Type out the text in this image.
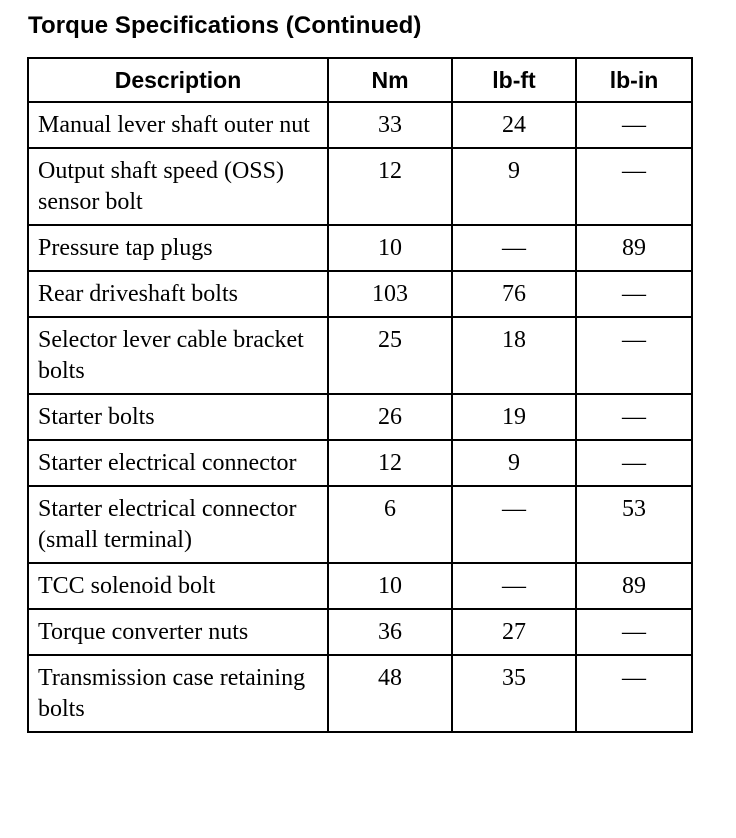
Torque Specifications (Continued)
Description	Nm	lb-ft	lb-in
Manual lever shaft outer nut	33	24	—
Output shaft speed (OSS) sensor bolt	12	9	—
Pressure tap plugs	10	—	89
Rear driveshaft bolts	103	76	—
Selector lever cable bracket bolts	25	18	—
Starter bolts	26	19	—
Starter electrical connector	12	9	—
Starter electrical connector (small terminal)	6	—	53
TCC solenoid bolt	10	—	89
Torque converter nuts	36	27	—
Transmission case retaining bolts	48	35	—
